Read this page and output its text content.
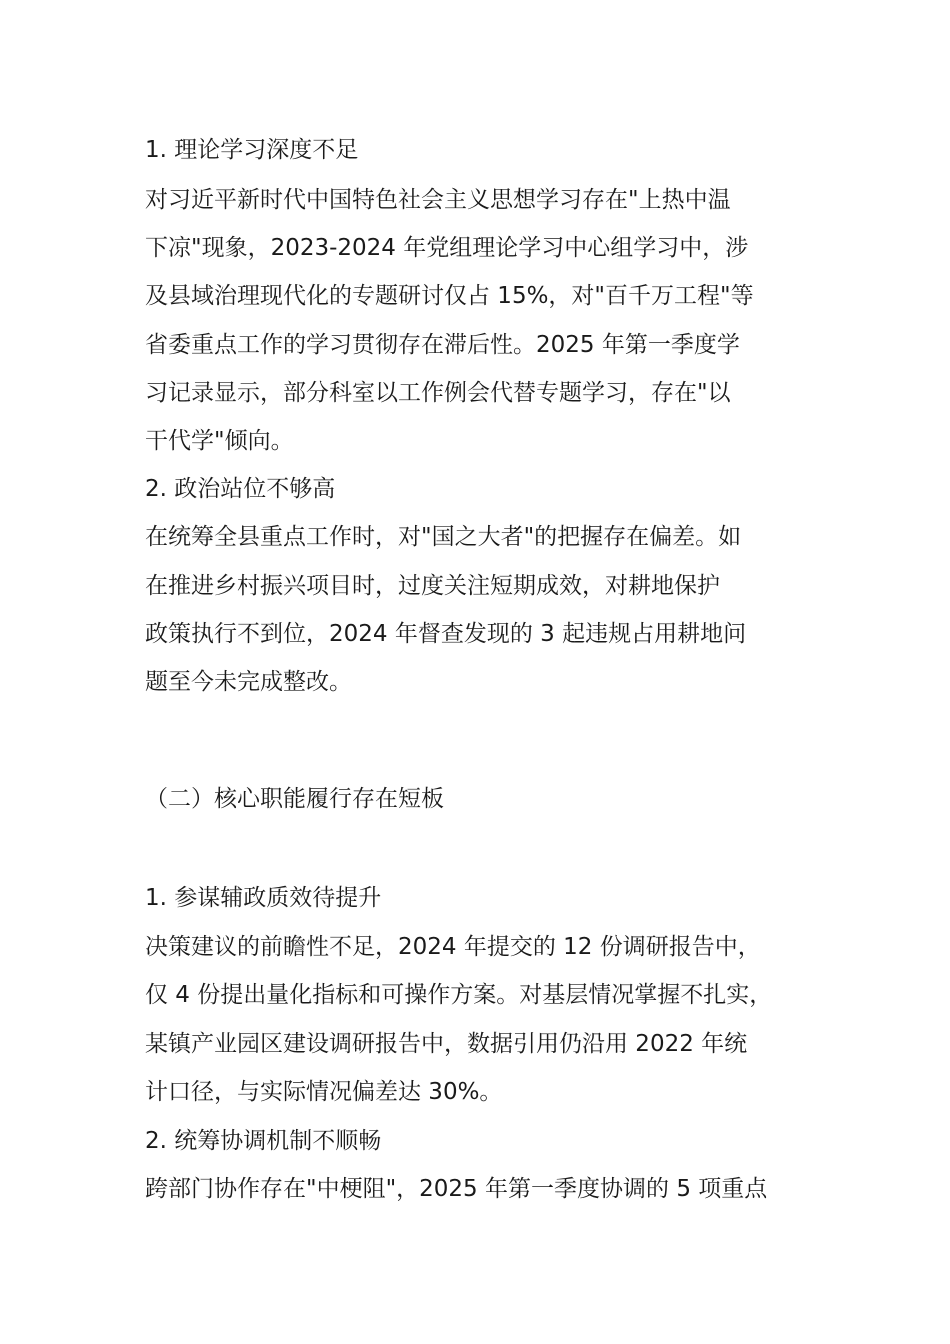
1. 理论学习深度不足
对习近平新时代中国特色社会主义思想学习存在"上热中温
下凉"现象，2023-2024 年党组理论学习中心组学习中，涉
及县域治理现代化的专题研讨仅占 15%，对"百千万工程"等
省委重点工作的学习贯彻存在滞后性。2025 年第一季度学
习记录显示，部分科室以工作例会代替专题学习，存在"以
干代学"倾向。
2. 政治站位不够高
在统筹全县重点工作时，对"国之大者"的把握存在偏差。如
在推进乡村振兴项目时，过度关注短期成效，对耕地保护
政策执行不到位，2024 年督查发现的 3 起违规占用耕地问
题至今未完成整改。
（二）核心职能履行存在短板
1. 参谋辅政质效待提升
决策建议的前瞻性不足，2024 年提交的 12 份调研报告中，
仅 4 份提出量化指标和可操作方案。对基层情况掌握不扎实，
某镇产业园区建设调研报告中，数据引用仍沿用 2022 年统
计口径，与实际情况偏差达 30%。
2. 统筹协调机制不顺畅
跨部门协作存在"中梗阻"，2025 年第一季度协调的 5 项重点
